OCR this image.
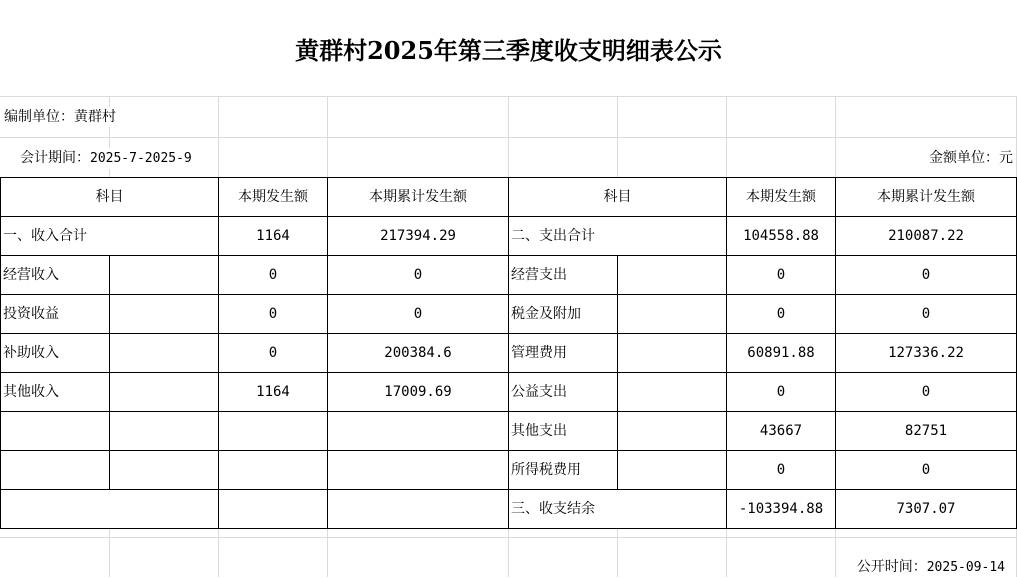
黄群村2025年第三季度收支明细表公示
编制单位：黄群村
会计期间：2025-7-2025-9	金额单位：元
科目		本期发生额	本期累计发生额	科目		本期发生额	本期累计发生额
一、收入合计		1164	217394.29	二、支出合计		104558.88	210087.22
经营收入		0	0	经营支出		0	0
投资收益		0	0	税金及附加		0	0
补助收入		0	200384.6	管理费用		60891.88	127336.22
其他收入		1164	17009.69	公益支出		0	0
				其他支出		43667	82751
				所得税费用		0	0
				三、收支结余		-103394.88	7307.07
公开时间：2025-09-14
